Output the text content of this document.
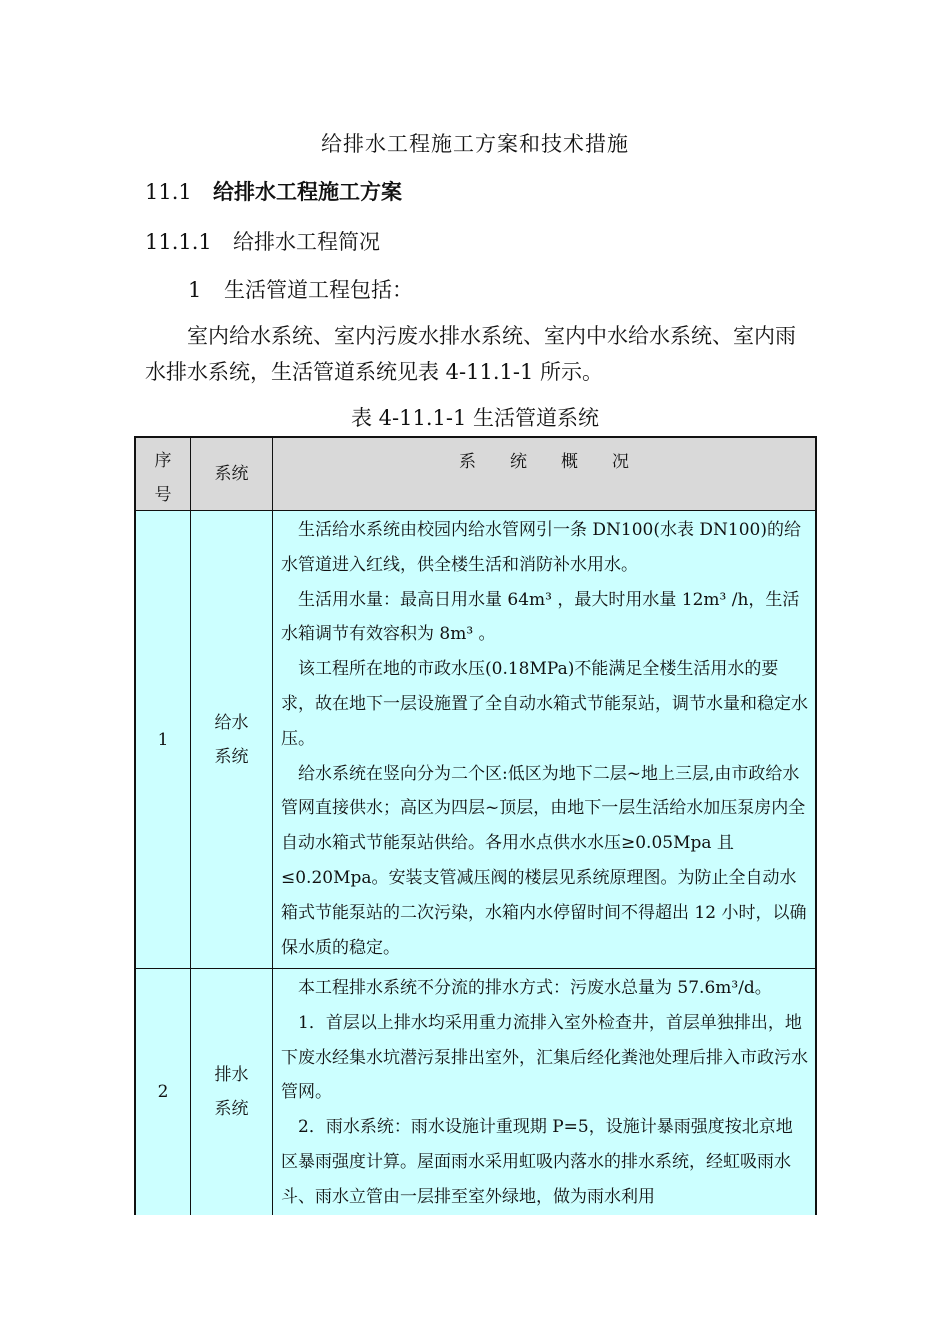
给排水工程施工方案和技术措施
11.1 给排水工程施工方案
11.1.1 给排水工程简况
1 生活管道工程包括：

室内给水系统、室内污废水排水系统、室内中水给水系统、室内雨水排水系统，生活管道系统见表 4-11.1-1 所示。

表 4-11.1-1 生活管道系统
序
号
系统
系　　统　　概　　况
1
给水
系统

生活给水系统由校园内给水管网引一条 DN100(水表 DN100)的给水管道进入红线，供全楼生活和消防补水用水。

生活用水量：最高日用水量 64m³ ，最大时用水量 12m³ /h，生活水箱调节有效容积为 8m³ 。

该工程所在地的市政水压(0.18MPa)不能满足全楼生活用水的要求，故在地下一层设施置了全自动水箱式节能泵站，调节水量和稳定水压。

给水系统在竖向分为二个区:低区为地下二层~地上三层,由市政给水管网直接供水；高区为四层~顶层，由地下一层生活给水加压泵房内全自动水箱式节能泵站供给。各用水点供水水压≥0.05Mpa 且≤0.20Mpa。安装支管减压阀的楼层见系统原理图。为防止全自动水箱式节能泵站的二次污染，水箱内水停留时间不得超出 12 小时，以确保水质的稳定。

2
排水
系统

本工程排水系统不分流的排水方式：污废水总量为 57.6m³/d。

1．首层以上排水均采用重力流排入室外检查井，首层单独排出，地下废水经集水坑潜污泵排出室外，汇集后经化粪池处理后排入市政污水管网。

2．雨水系统：雨水设施计重现期 P=5，设施计暴雨强度按北京地区暴雨强度计算。屋面雨水采用虹吸内落水的排水系统，经虹吸雨水斗、雨水立管由一层排至室外绿地，做为雨水利用
